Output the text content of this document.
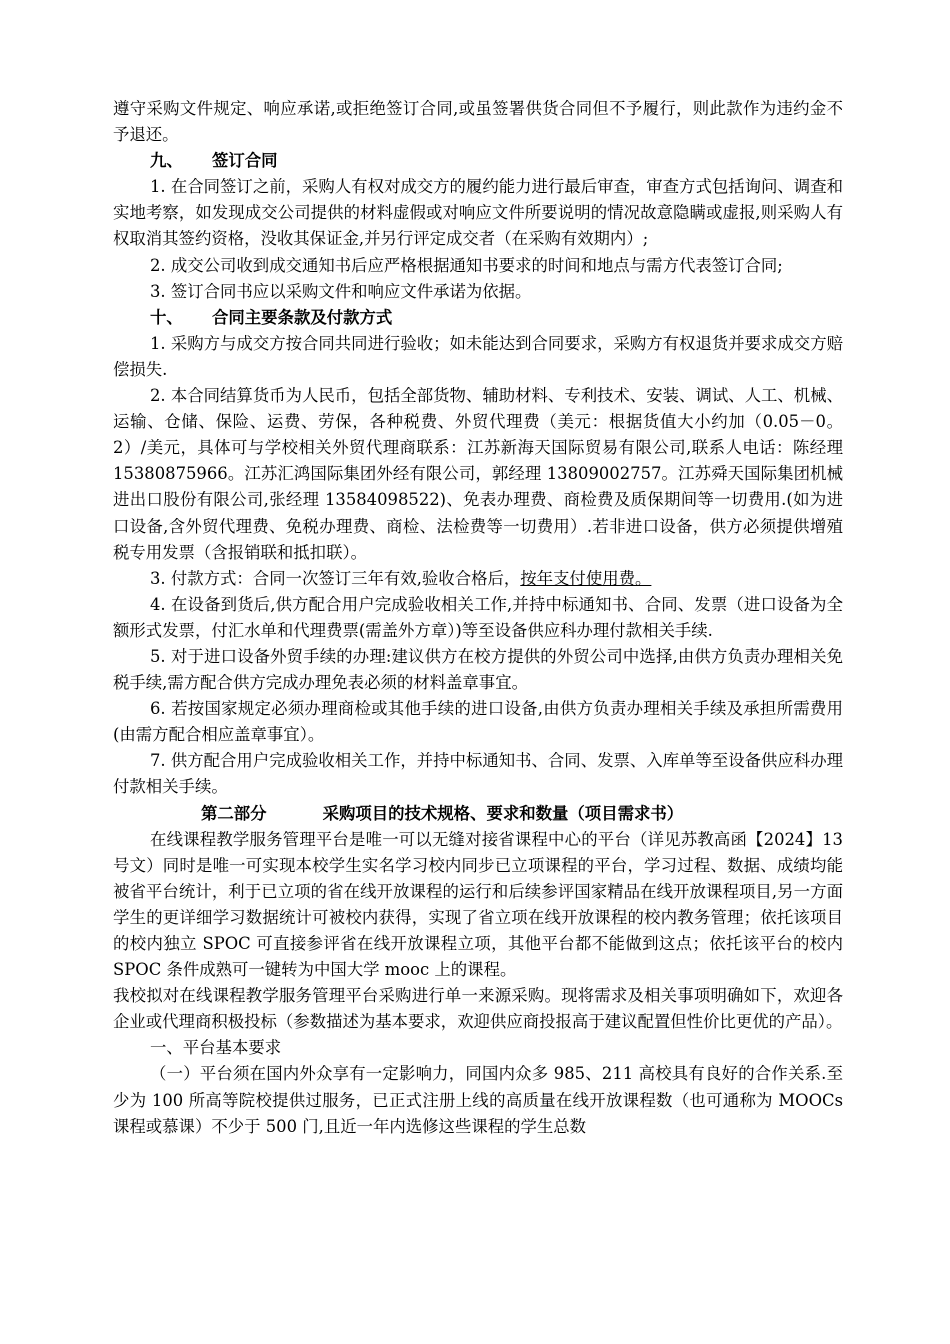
遵守采购文件规定、响应承诺,或拒绝签订合同,或虽签署供货合同但不予履行，则此款作为违约金不予退还。

九、 签订合同

1. 在合同签订之前，采购人有权对成交方的履约能力进行最后审查，审查方式包括询问、调查和实地考察，如发现成交公司提供的材料虚假或对响应文件所要说明的情况故意隐瞒或虚报,则采购人有权取消其签约资格，没收其保证金,并另行评定成交者（在采购有效期内）;

2. 成交公司收到成交通知书后应严格根据通知书要求的时间和地点与需方代表签订合同;

3. 签订合同书应以采购文件和响应文件承诺为依据。

十、 合同主要条款及付款方式

1. 采购方与成交方按合同共同进行验收；如未能达到合同要求，采购方有权退货并要求成交方赔偿损失.

2. 本合同结算货币为人民币，包括全部货物、辅助材料、专利技术、安装、调试、人工、机械、运输、仓储、保险、运费、劳保，各种税费、外贸代理费（美元：根据货值大小约加（0.05－0。2）/美元，具体可与学校相关外贸代理商联系：江苏新海天国际贸易有限公司,联系人电话：陈经理 15380875966。江苏汇鸿国际集团外经有限公司，郭经理 13809002757。江苏舜天国际集团机械进出口股份有限公司,张经理 13584098522)、免表办理费、商检费及质保期间等一切费用.(如为进口设备,含外贸代理费、免税办理费、商检、法检费等一切费用）.若非进口设备，供方必须提供增殖税专用发票（含报销联和抵扣联）。

3. 付款方式：合同一次签订三年有效,验收合格后，按年支付使用费。

4. 在设备到货后,供方配合用户完成验收相关工作,并持中标通知书、合同、发票（进口设备为全额形式发票，付汇水单和代理费票(需盖外方章）)等至设备供应科办理付款相关手续.

5. 对于进口设备外贸手续的办理:建议供方在校方提供的外贸公司中选择,由供方负责办理相关免税手续,需方配合供方完成办理免表必须的材料盖章事宜。

6. 若按国家规定必须办理商检或其他手续的进口设备,由供方负责办理相关手续及承担所需费用(由需方配合相应盖章事宜）。

7. 供方配合用户完成验收相关工作，并持中标通知书、合同、发票、入库单等至设备供应科办理付款相关手续。

第二部分	采购项目的技术规格、要求和数量（项目需求书）

在线课程教学服务管理平台是唯一可以无缝对接省课程中心的平台（详见苏教高函【2024】13 号文）同时是唯一可实现本校学生实名学习校内同步已立项课程的平台，学习过程、数据、成绩均能被省平台统计，利于已立项的省在线开放课程的运行和后续参评国家精品在线开放课程项目,另一方面学生的更详细学习数据统计可被校内获得，实现了省立项在线开放课程的校内教务管理；依托该项目的校内独立 SPOC 可直接参评省在线开放课程立项，其他平台都不能做到这点；依托该平台的校内 SPOC 条件成熟可一键转为中国大学 mooc 上的课程。

我校拟对在线课程教学服务管理平台采购进行单一来源采购。现将需求及相关事项明确如下，欢迎各企业或代理商积极投标（参数描述为基本要求，欢迎供应商投报高于建议配置但性价比更优的产品）。

一、平台基本要求

（一）平台须在国内外众享有一定影响力，同国内众多 985、211 高校具有良好的合作关系.至少为 100 所高等院校提供过服务，已正式注册上线的高质量在线开放课程数（也可通称为 MOOCs 课程或慕课）不少于 500 门,且近一年内选修这些课程的学生总数
